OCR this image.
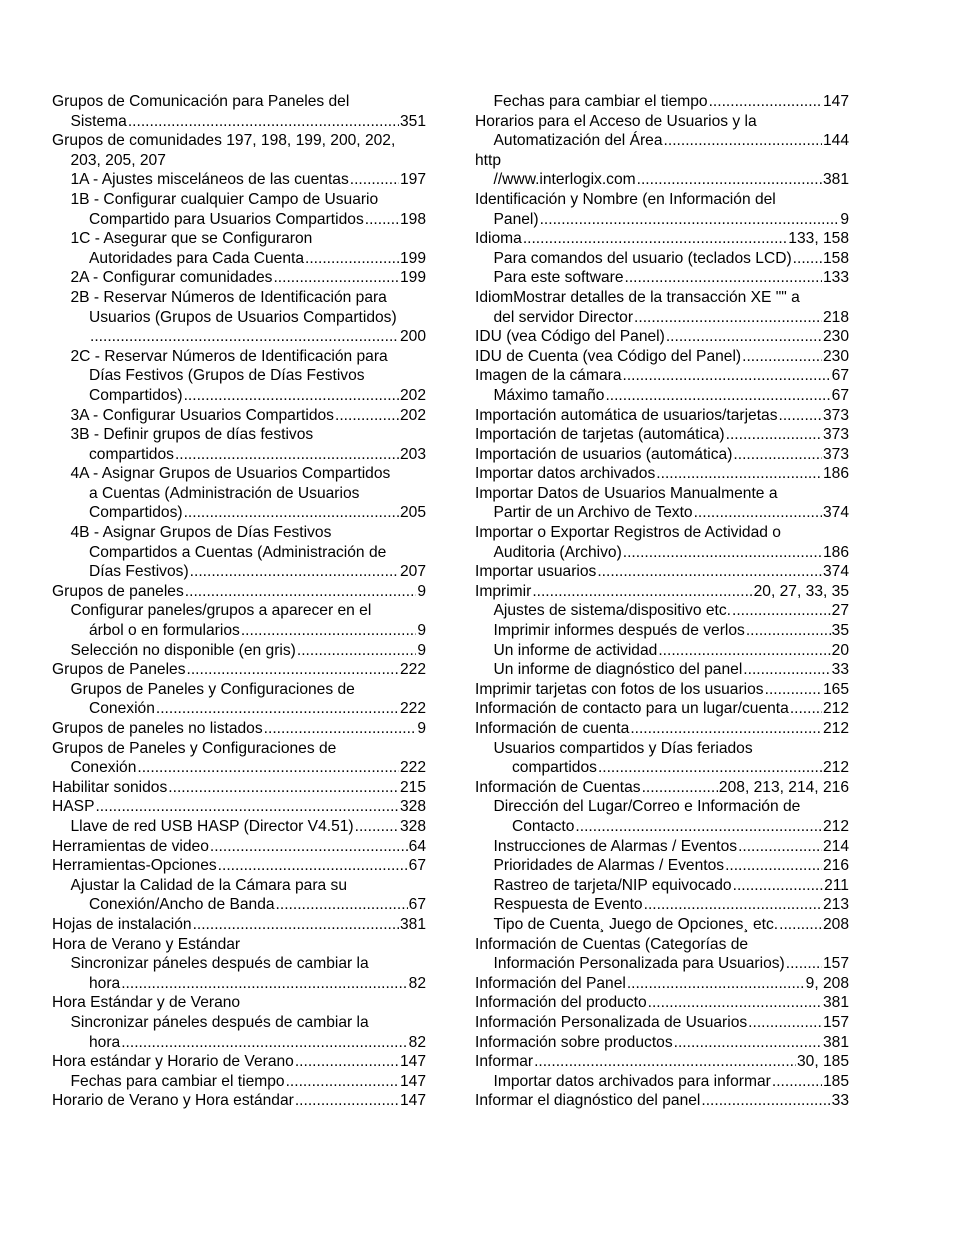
Grupos de Comunicación para Paneles del
Sistema .....	351
Grupos de comunidades 197, 198, 199, 200, 202,
203, 205, 207
1A - Ajustes misceláneos de las cuentas .....	197
1B - Configurar cualquier Campo de Usuario
Compartido para Usuarios Compartidos ..... 198
1C - Asegurar que se Configuraron
Autoridades para Cada Cuenta .....	199
2A - Configurar comunidades .....	199
2B - Reservar Números de Identificación para
Usuarios (Grupos de Usuarios Compartidos)
.....
200
2C - Reservar Números de Identificación para
Días Festivos (Grupos de Días Festivos
Compartidos) .....	202
3A - Configurar Usuarios Compartidos .....	202
3B - Definir grupos de días festivos
compartidos .....	203
4A - Asignar Grupos de Usuarios Compartidos
a Cuentas (Administración de Usuarios
Compartidos) .....	205
4B - Asignar Grupos de Días Festivos
Compartidos a Cuentas (Administración de
Días Festivos) .....	207
Grupos de paneles .....	9
Configurar paneles/grupos a aparecer en el
árbol o en formularios .....	9
Selección no disponible (en gris) .....	9
Grupos de Paneles .....	222
Grupos de Paneles y Configuraciones de
Conexión .....	222
Grupos de paneles no listados .....	9
Grupos de Paneles y Configuraciones de
Conexión .....	222
Habilitar sonidos .....	215
HASP .....	328
Llave de red USB HASP (Director V4.51) .....	328
Herramientas de video .....	64
Herramientas-Opciones .....	67
Ajustar la Calidad de la Cámara para su
Conexión/Ancho de Banda .....	67
Hojas de instalación .....	381
Hora de Verano y Estándar
Sincronizar páneles después de cambiar la
hora .....	82
Hora Estándar y de Verano
Sincronizar páneles después de cambiar la
hora .....	82
Hora estándar y Horario de Verano .....	147
Fechas para cambiar el tiempo .....	147
Horario de Verano y Hora estándar .....	147
Fechas para cambiar el tiempo .....	147
Horarios para el Acceso de Usuarios y la
Automatización del Área .....	144
http
//www.interlogix.com .....	381
Identificación y Nombre (en Información del
Panel) .....	9
Idioma .....	133, 158
Para comandos del usuario (teclados LCD) ..... 158
Para este software .....	133
IdiomMostrar detalles de la transacción XE "" a
del servidor Director .....	218
IDU (vea Código del Panel) .....	230
IDU de Cuenta (vea Código del Panel) .....	230
Imagen de la cámara .....	67
Máximo tamaño .....	67
Importación automática de usuarios/tarjetas .....	373
Importación de tarjetas (automática) .....	373
Importación de usuarios (automática) .....	373
Importar datos archivados .....	186
Importar Datos de Usuarios Manualmente a
Partir de un Archivo de Texto .....	374
Importar o Exportar Registros de Actividad o
Auditoria (Archivo) .....	186
Importar usuarios .....	374
Imprimir .....	20, 27, 33, 35
Ajustes de sistema/dispositivo etc. .....	27
Imprimir informes después de verlos .....	35
Un informe de actividad .....	20
Un informe de diagnóstico del panel .....	33
Imprimir tarjetas con fotos de los usuarios .....	165
Información de contacto para un lugar/cuenta ..... 212
Información de cuenta .....	212
Usuarios compartidos y Días feriados
compartidos .....	212
Información de Cuentas .....	208, 213, 214, 216
Dirección del Lugar/Correo e Información de
Contacto .....	212
Instrucciones de Alarmas / Eventos .....	214
Prioridades de Alarmas / Eventos .....	216
Rastreo de tarjeta/NIP equivocado .....	211
Respuesta de Evento .....	213
Tipo de Cuenta¸ Juego de Opciones¸ etc. .....	208
Información de Cuentas (Categorías de
Información Personalizada para Usuarios) ..... 157
Información del Panel .....	9, 208
Información del producto .....	381
Información Personalizada de Usuarios .....	157
Información sobre productos .....	381
Informar .....	30, 185
Importar datos archivados para informar .....	185
Informar el diagnóstico del panel .....	33
